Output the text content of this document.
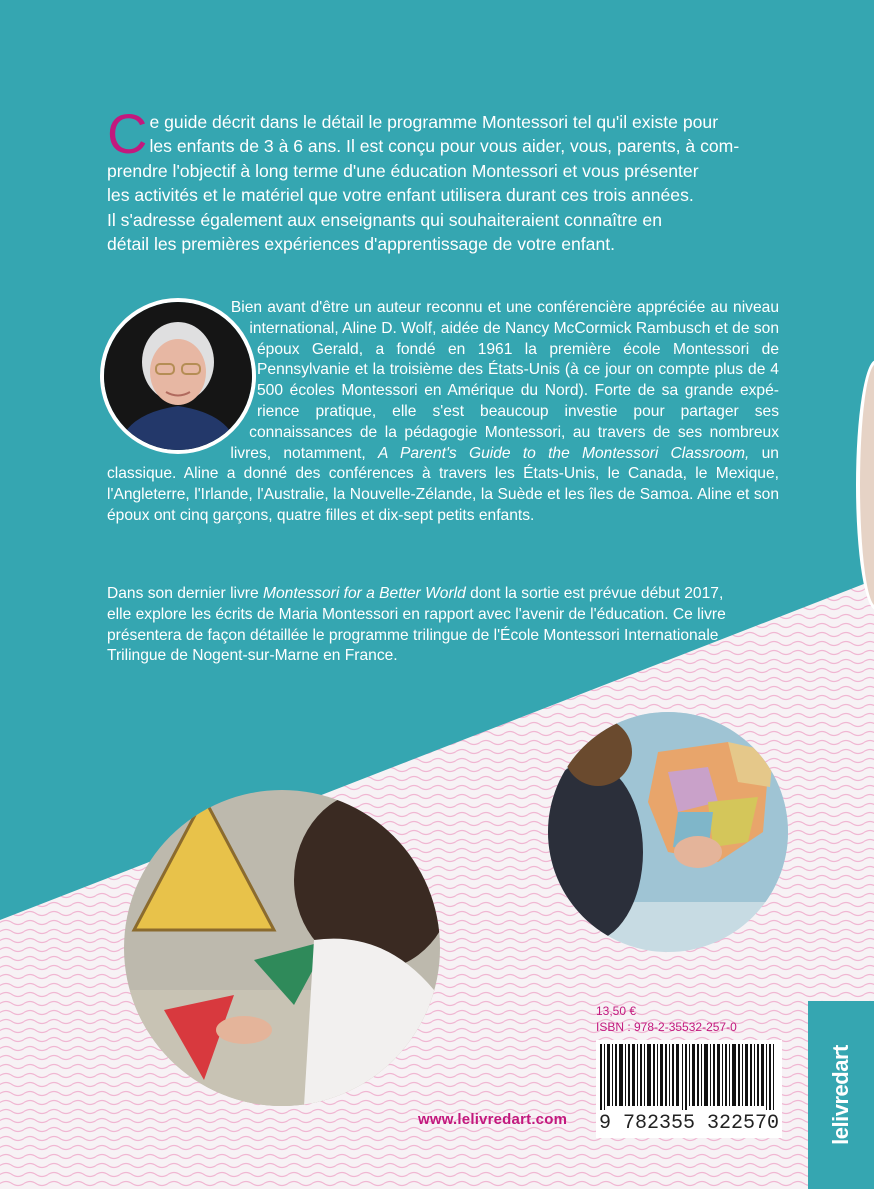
C e guide décrit dans le détail le programme Montessori tel qu'il existe pour
les enfants de 3 à 6 ans. Il est conçu pour vous aider, vous, parents, à com-
prendre l'objectif à long terme d'une éducation Montessori et vous présenter
les activités et le matériel que votre enfant utilisera durant ces trois années.
Il s'adresse également aux enseignants qui souhaiteraient connaître en
détail les premières expériences d'apprentissage de votre enfant.
Bien avant d'être un auteur reconnu et une conférencière appréciée au niveau international, Aline D. Wolf, aidée de Nancy McCormick Rambusch et de son époux Gerald, a fondé en 1961 la première école Montessori de Pennsylvanie et la troisième des États-Unis (à ce jour on compte plus de 4 500 écoles Montessori en Amérique du Nord). Forte de sa grande expérience pratique, elle s'est beaucoup investie pour partager ses connaissances de la pédagogie Montessori, au travers de ses nombreux livres, notamment, A Parent's Guide to the Montessori Classroom, un classique. Aline a donné des conférences à travers les États-Unis, le Canada, le Mexique, l'Angleterre, l'Irlande, l'Australie, la Nouvelle-Zélande, la Suède et les îles de Samoa. Aline et son époux ont cinq garçons, quatre filles et dix-sept petits enfants.
Dans son dernier livre Montessori for a Better World dont la sortie est prévue début 2017, elle explore les écrits de Maria Montessori en rapport avec l'avenir de l'éducation. Ce livre présentera de façon détaillée le programme trilingue de l'École Montessori Internationale Trilingue de Nogent-sur-Marne en France.
13,50 €
ISBN : 978-2-35532-257-0
9 782355 322570
www.lelivredart.com	lelivredart
